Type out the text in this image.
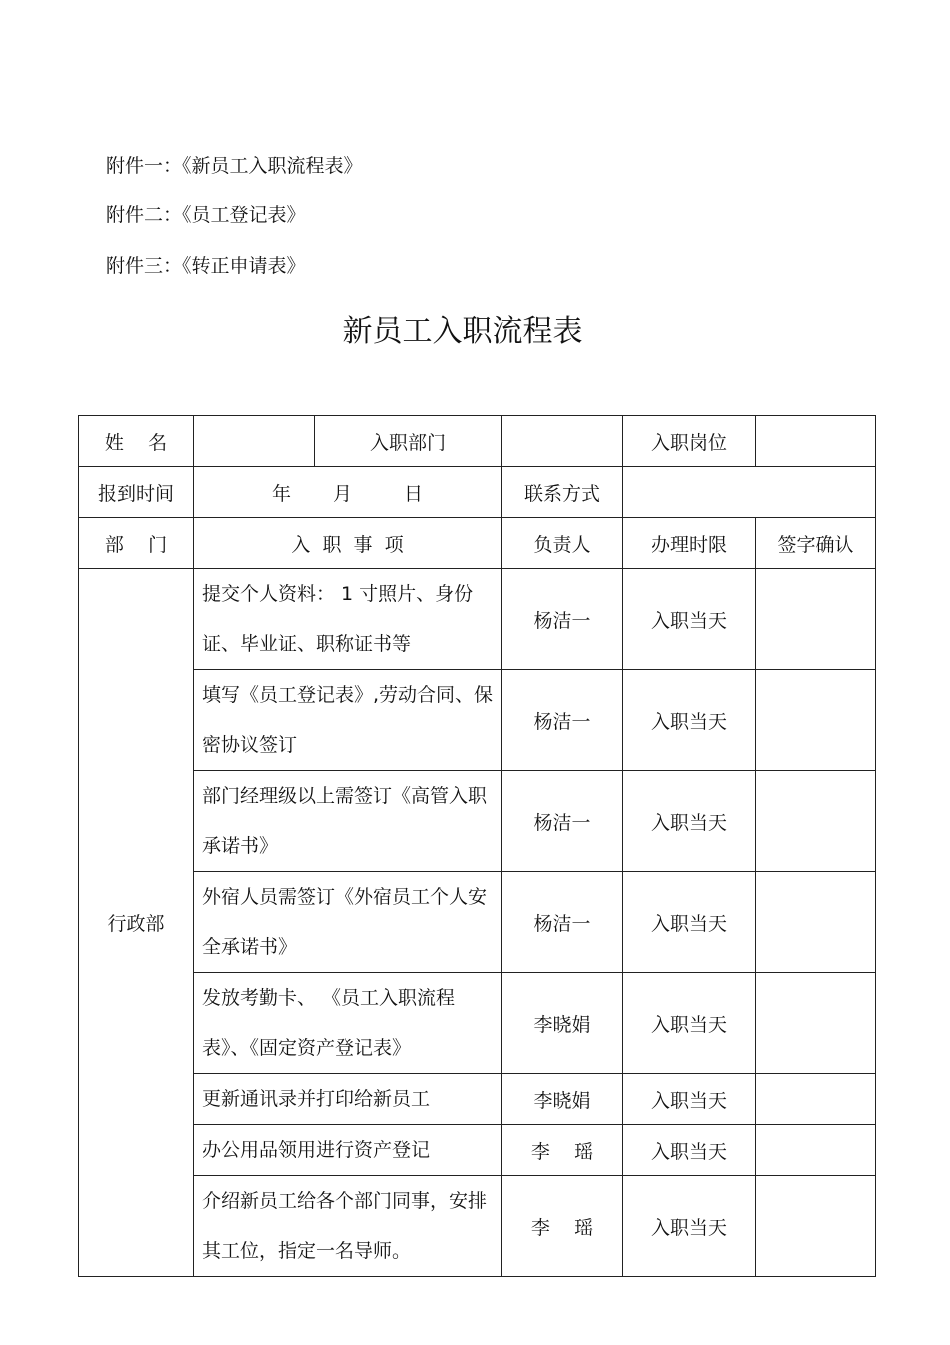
附件一：《新员工入职流程表》
附件二：《员工登记表》
附件三：《转正申请表》
新员工入职流程表
姓    名		入职部门		入职岗位	
报到时间	年 月 日		联系方式		
部    门	入  职  事  项		负责人	办理时限	签字确认
行政部	提交个人资料： 1 寸照片、身份证、毕业证、职称证书等		杨洁一	入职当天	
	填写《员工登记表》,劳动合同、保密协议签订		杨洁一	入职当天	
	部门经理级以上需签订《高管入职承诺书》		杨洁一	入职当天	
	外宿人员需签订《外宿员工个人安全承诺书》		杨洁一	入职当天	
	发放考勤卡、 《员工入职流程表》、《固定资产登记表》		李晓娟	入职当天	
	更新通讯录并打印给新员工		李晓娟	入职当天	
	办公用品领用进行资产登记		李    瑶	入职当天	
	介绍新员工给各个部门同事，安排其工位，指定一名导师。		李    瑶	入职当天	
